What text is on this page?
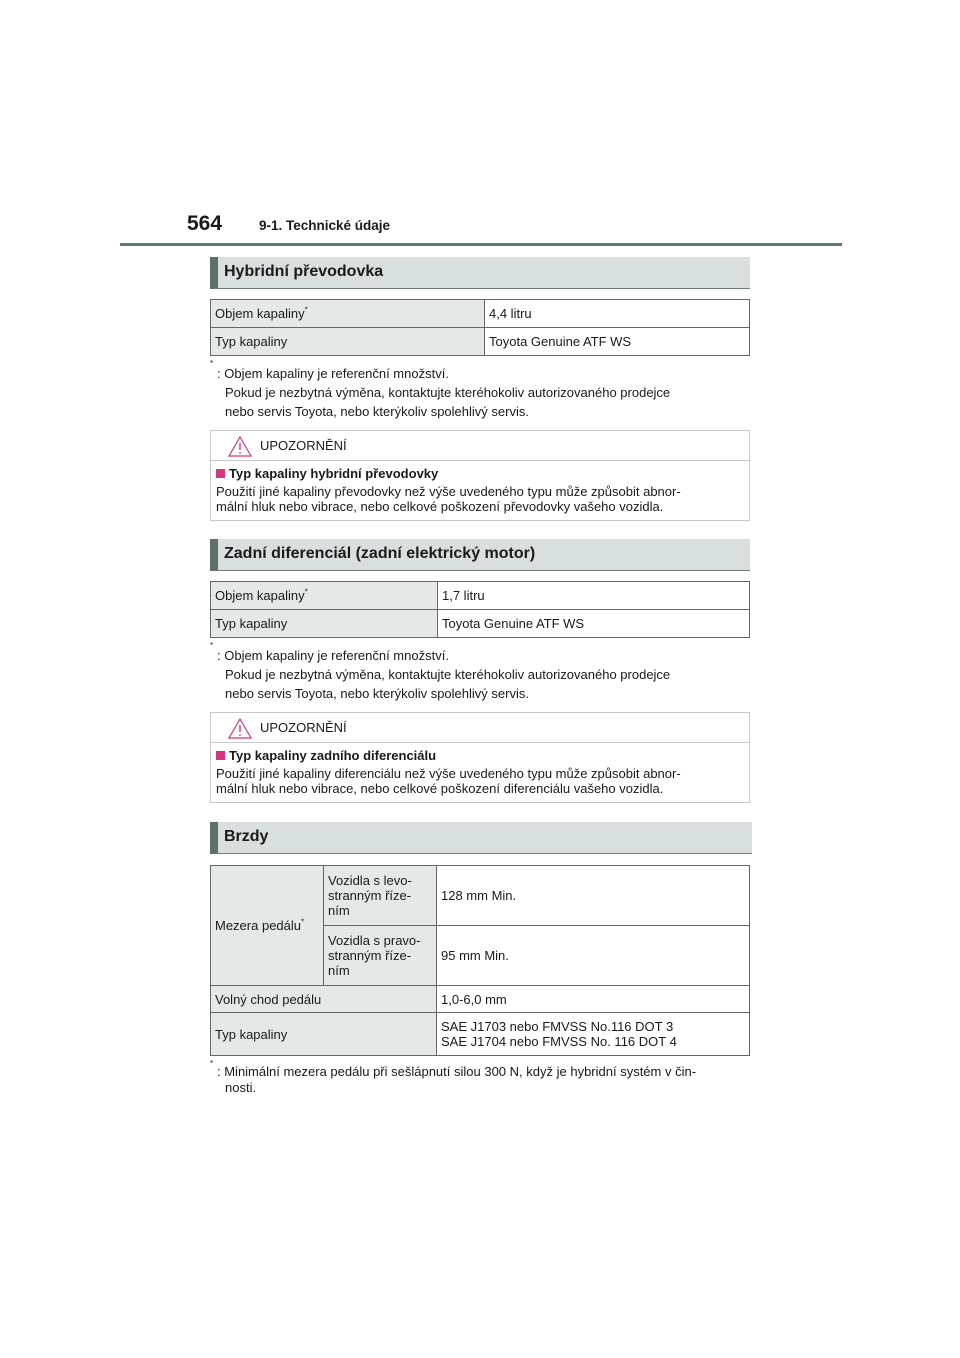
564	9-1. Technické údaje
Hybridní převodovka
Objem kapaliny*	4,4 litru
Typ kapaliny	Toyota Genuine ATF WS
*
: Objem kapaliny je referenční množství.
Pokud je nezbytná výměna, kontaktujte kteréhokoliv autorizovaného prodejce
nebo servis Toyota, nebo kterýkoliv spolehlivý servis.
UPOZORNĚNÍ
Typ kapaliny hybridní převodovky
Použití jiné kapaliny převodovky než výše uvedeného typu může způsobit abnor-
mální hluk nebo vibrace, nebo celkové poškození převodovky vašeho vozidla.
Zadní diferenciál (zadní elektrický motor)
Objem kapaliny*	1,7 litru
Typ kapaliny	Toyota Genuine ATF WS
*
: Objem kapaliny je referenční množství.
Pokud je nezbytná výměna, kontaktujte kteréhokoliv autorizovaného prodejce
nebo servis Toyota, nebo kterýkoliv spolehlivý servis.
UPOZORNĚNÍ
Typ kapaliny zadního diferenciálu
Použití jiné kapaliny diferenciálu než výše uvedeného typu může způsobit abnor-
mální hluk nebo vibrace, nebo celkové poškození diferenciálu vašeho vozidla.
Brzdy
Mezera pedálu*	Vozidla s levo-
stranným říze-
ním	128 mm Min.

	Vozidla s pravo-
stranným říze-
ním	95 mm Min.
Volný chod pedálu		1,0-6,0 mm
Typ kapaliny		SAE J1703 nebo FMVSS No.116 DOT 3
SAE J1704 nebo FMVSS No. 116 DOT 4
*
: Minimální mezera pedálu při sešlápnutí silou 300 N, když je hybridní systém v čin-
nosti.
